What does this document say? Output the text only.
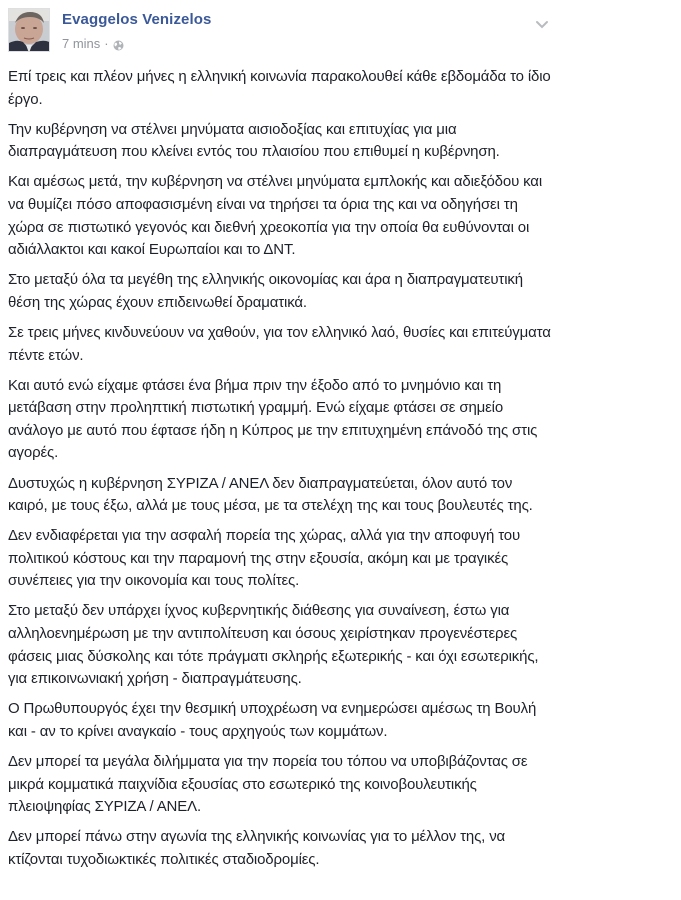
Evaggelos Venizelos
7 mins ·

Επί τρεις και πλέον μήνες η ελληνική κοινωνία παρακολουθεί κάθε εβδομάδα το ίδιο έργο.

Την κυβέρνηση να στέλνει μηνύματα αισιοδοξίας και επιτυχίας για μια διαπραγμάτευση που κλείνει εντός του πλαισίου που επιθυμεί η κυβέρνηση.

Και αμέσως μετά, την κυβέρνηση να στέλνει μηνύματα εμπλοκής και αδιεξόδου και να θυμίζει πόσο αποφασισμένη είναι να τηρήσει τα όρια της και να οδηγήσει τη χώρα σε πιστωτικό γεγονός και διεθνή χρεοκοπία για την οποία θα ευθύνονται οι αδιάλλακτοι και κακοί Ευρωπαίοι και το ΔΝΤ.

Στο μεταξύ όλα τα μεγέθη της ελληνικής οικονομίας και άρα η διαπραγματευτική θέση της χώρας έχουν επιδεινωθεί δραματικά.

Σε τρεις μήνες κινδυνεύουν να χαθούν, για τον ελληνικό λαό, θυσίες και επιτεύγματα πέντε ετών.

Και αυτό ενώ είχαμε φτάσει ένα βήμα πριν την έξοδο από το μνημόνιο και τη μετάβαση στην προληπτική πιστωτική γραμμή. Ενώ είχαμε φτάσει σε σημείο ανάλογο με αυτό που έφτασε ήδη η Κύπρος με την επιτυχημένη επάνοδό της στις αγορές.

Δυστυχώς η κυβέρνηση ΣΥΡΙΖΑ / ΑΝΕΛ δεν διαπραγματεύεται, όλον αυτό τον καιρό, με τους έξω, αλλά με τους μέσα, με τα στελέχη της και τους βουλευτές της.

Δεν ενδιαφέρεται για την ασφαλή πορεία της χώρας, αλλά για την αποφυγή του πολιτικού κόστους και την παραμονή της στην εξουσία, ακόμη και με τραγικές συνέπειες για την οικονομία και τους πολίτες.

Στο μεταξύ δεν υπάρχει ίχνος κυβερνητικής διάθεσης για συναίνεση, έστω για αλληλοενημέρωση με την αντιπολίτευση και όσους χειρίστηκαν προγενέστερες φάσεις μιας δύσκολης και τότε πράγματι σκληρής εξωτερικής - και όχι εσωτερικής, για επικοινωνιακή χρήση - διαπραγμάτευσης.

Ο Πρωθυπουργός έχει την θεσμική υποχρέωση να ενημερώσει αμέσως τη Βουλή και - αν το κρίνει αναγκαίο - τους αρχηγούς των κομμάτων.

Δεν μπορεί τα μεγάλα διλήμματα για την πορεία του τόπου να υποβιβάζοντας σε μικρά κομματικά παιχνίδια εξουσίας στο εσωτερικό της κοινοβουλευτικής πλειοψηφίας ΣΥΡΙΖΑ / ΑΝΕΛ.

Δεν μπορεί πάνω στην αγωνία της ελληνικής κοινωνίας για το μέλλον της, να κτίζονται τυχοδιωκτικές πολιτικές σταδιοδρομίες.
